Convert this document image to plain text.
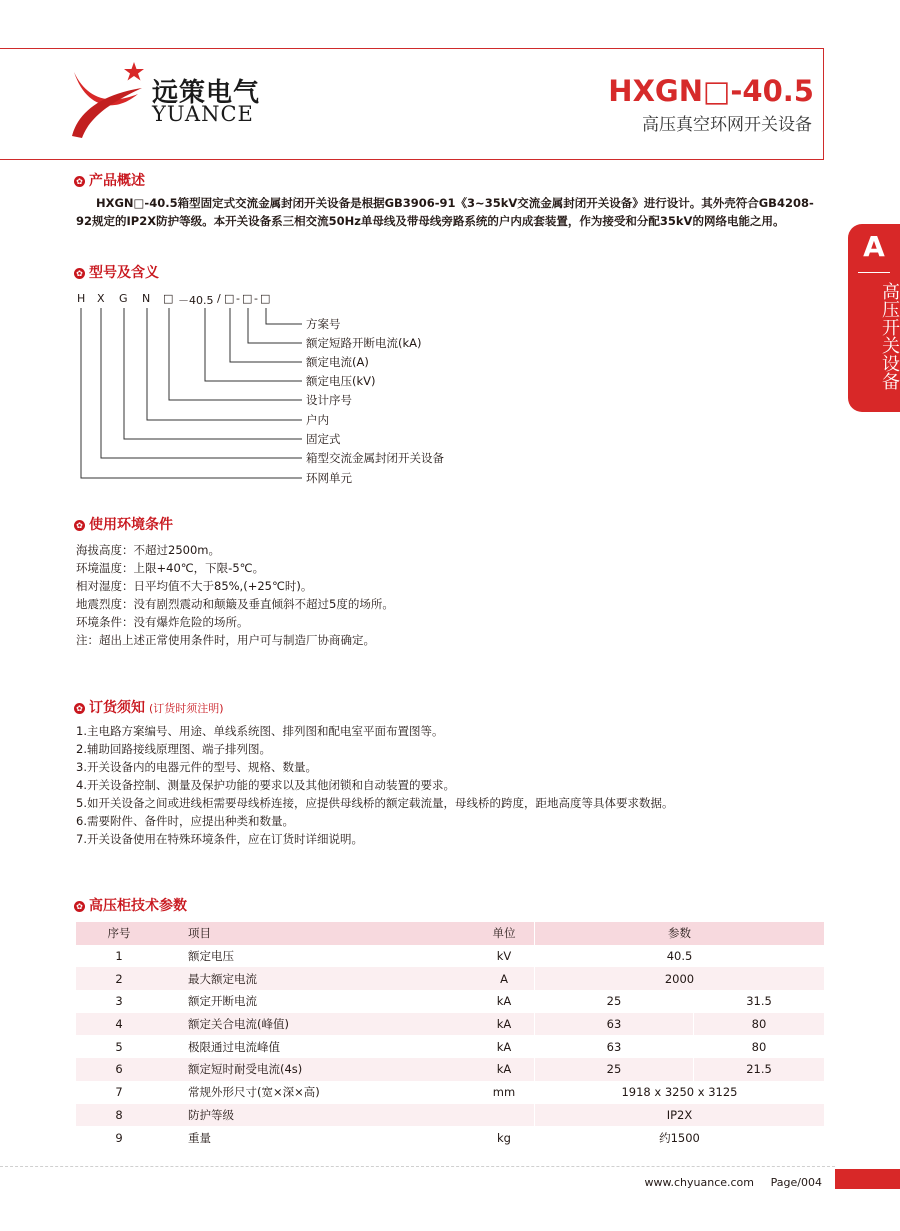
远策电气
YUANCE
HXGN□-40.5
高压真空环网开关设备
A
高压开关设备
✿ 产品概述
HXGN□-40.5箱型固定式交流金属封闭开关设备是根据GB3906-91《3~35kV交流金属封闭开关设备》进行设计。其外壳符合GB4208-92规定的IP2X防护等级。本开关设备系三相交流50Hz单母线及带母线旁路系统的户内成套装置，作为接受和分配35kV的网络电能之用。
✿ 型号及含义
H X G N □ －40.5 / □ - □ - □
方案号
额定短路开断电流(kA)
额定电流(A)
额定电压(kV)
设计序号
户内
固定式
箱型交流金属封闭开关设备
环网单元
✿ 使用环境条件
海拔高度：不超过2500m。
环境温度：上限+40℃，下限-5℃。
相对湿度：日平均值不大于85%,(+25℃时)。
地震烈度：没有剧烈震动和颠簸及垂直倾斜不超过5度的场所。
环境条件：没有爆炸危险的场所。
注：超出上述正常使用条件时，用户可与制造厂协商确定。
✿ 订货须知 (订货时须注明)
1.主电路方案编号、用途、单线系统图、排列图和配电室平面布置图等。
2.辅助回路接线原理图、端子排列图。
3.开关设备内的电器元件的型号、规格、数量。
4.开关设备控制、测量及保护功能的要求以及其他闭锁和自动装置的要求。
5.如开关设备之间或进线柜需要母线桥连接，应提供母线桥的额定载流量，母线桥的跨度，距地高度等具体要求数据。
6.需要附件、备件时，应提出种类和数量。
7.开关设备使用在特殊环境条件，应在订货时详细说明。
✿ 高压柜技术参数
序号	项目	单位	参数	
1	额定电压	kV	40.5	
2	最大额定电流	A	2000	
3	额定开断电流	kA	25	31.5
4	额定关合电流(峰值)	kA	63	80
5	极限通过电流峰值	kA	63	80
6	额定短时耐受电流(4s)	kA	25	21.5
7	常规外形尺寸(宽×深×高)	mm	1918 x 3250 x 3125	
8	防护等级		IP2X	
9	重量	kg	约1500	
www.chyuance.com Page/004
